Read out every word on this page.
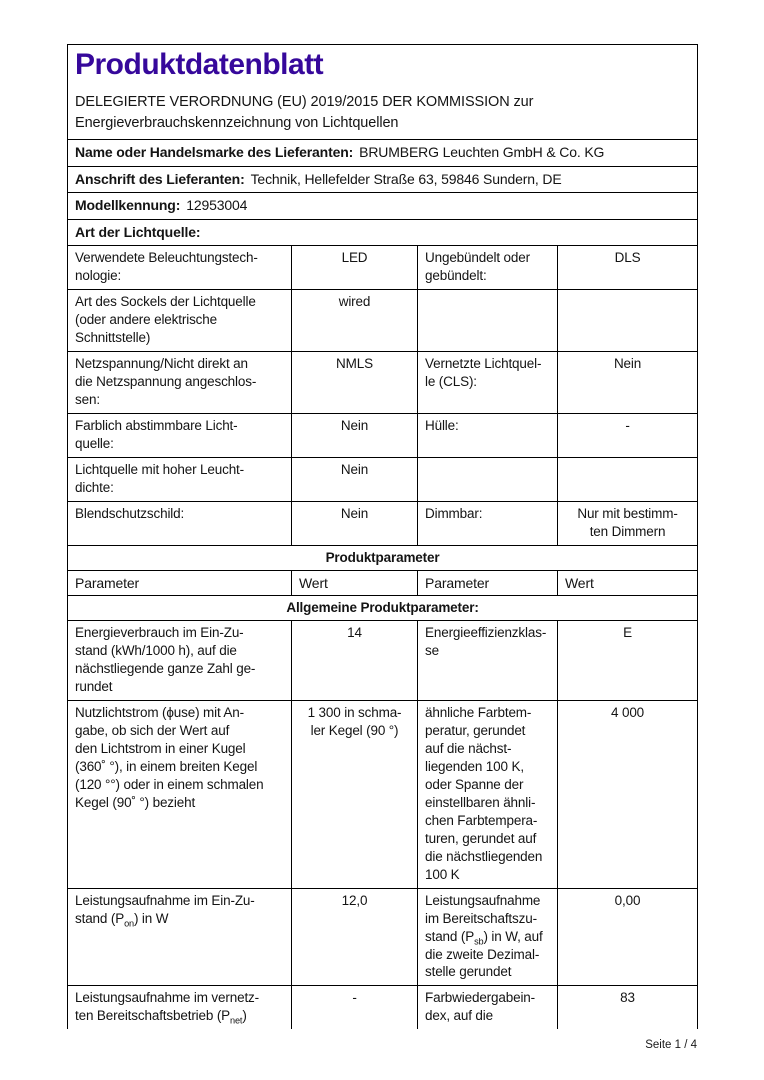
Produktdatenblatt
DELEGIERTE VERORDNUNG (EU) 2019/2015 DER KOMMISSION zur
Energieverbrauchskennzeichnung von Lichtquellen			

Name oder Handelsmarke des Lieferanten: BRUMBERG Leuchten GmbH & Co. KG			
Anschrift des Lieferanten: Technik, Hellefelder Straße 63, 59846 Sundern, DE			
Modellkennung: 12953004			
Art der Lichtquelle:			
Verwendete Beleuchtungstech-
nologie:	LED	Ungebündelt oder
gebündelt:	DLS
Art des Sockels der Lichtquelle
(oder andere elektrische
Schnittstelle)	wired		
Netzspannung/Nicht direkt an
die Netzspannung angeschlos-
sen:	NMLS	Vernetzte Lichtquel-
le (CLS):	Nein
Farblich abstimmbare Licht-
quelle:	Nein	Hülle:	-
Lichtquelle mit hoher Leucht-
dichte:	Nein		
Blendschutzschild:	Nein	Dimmbar:	Nur mit bestimm-
ten Dimmern
Produktparameter			
Parameter	Wert	Parameter	Wert
Allgemeine Produktparameter:			
Energieverbrauch im Ein-Zu-
stand (kWh/1000 h), auf die
nächstliegende ganze Zahl ge-
rundet	14	Energieeffizienzklas-
se	E
Nutzlichtstrom (ϕuse) mit An-
gabe, ob sich der Wert auf
den Lichtstrom in einer Kugel
(360˚ °), in einem breiten Kegel
(120 °°) oder in einem schmalen
Kegel (90˚ °) bezieht	1 300 in schma-
ler Kegel (90 °)	ähnliche Farbtem-
peratur, gerundet
auf die nächst-
liegenden 100 K,
oder Spanne der
einstellbaren ähnli-
chen Farbtempera-
turen, gerundet auf
die nächstliegenden
100 K	4 000
Leistungsaufnahme im Ein-Zu-
stand $(P_{on})$ in W	12,0	Leistungsaufnahme
im Bereitschaftszu-
stand $(P_{sb})$ in W, auf
die zweite Dezimal-
stelle gerundet	0,00
Leistungsaufnahme im vernetz-
ten Bereitschaftsbetrieb $(P_{net})$	-	Farbwiedergabein-
dex, auf die	83
Seite 1 / 4
